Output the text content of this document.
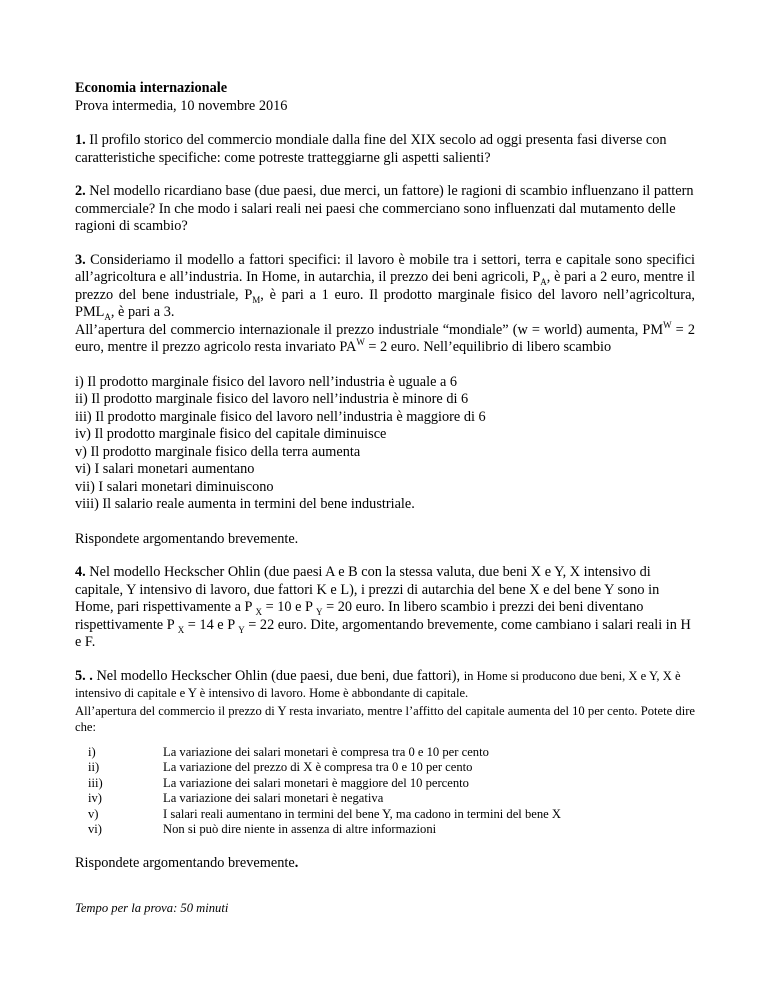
Economia internazionale

Prova intermedia, 10 novembre 2016

1. Il profilo storico del commercio mondiale dalla fine del XIX secolo ad oggi presenta fasi diverse con caratteristiche specifiche: come potreste tratteggiarne gli aspetti salienti?

2. Nel modello ricardiano base (due paesi, due merci, un fattore) le ragioni di scambio influenzano il pattern commerciale? In che modo i salari reali nei paesi che commerciano sono influenzati dal mutamento delle ragioni di scambio?

3. Consideriamo il modello a fattori specifici: il lavoro è mobile tra i settori, terra e capitale sono specifici all’agricoltura e all’industria. In Home, in autarchia, il prezzo dei beni agricoli, $P_A$, è pari a 2 euro, mentre il prezzo del bene industriale, $P_M$, è pari a 1 euro. Il prodotto marginale fisico del lavoro nell’agricoltura, $PML_A$, è pari a 3.

All’apertura del commercio internazionale il prezzo industriale “mondiale” (w = world) aumenta, $PM^W = 2$ euro, mentre il prezzo agricolo resta invariato $PA^W = 2$ euro. Nell’equilibrio di libero scambio

i) Il prodotto marginale fisico del lavoro nell’industria è uguale a 6
ii) Il prodotto marginale fisico del lavoro nell’industria è minore di 6
iii) Il prodotto marginale fisico del lavoro nell’industria è maggiore di 6
iv) Il prodotto marginale fisico del capitale diminuisce
v) Il prodotto marginale fisico della terra aumenta
vi) I salari monetari aumentano
vii) I salari monetari diminuiscono
viii) Il salario reale aumenta in termini del bene industriale.

Rispondete argomentando brevemente.

4. Nel modello Heckscher Ohlin (due paesi A e B con la stessa valuta, due beni X e Y, X intensivo di capitale, Y intensivo di lavoro, due fattori K e L), i prezzi di autarchia del bene X e del bene Y sono in Home, pari rispettivamente a P $_X$ = 10 e P $_Y$ = 20 euro. In libero scambio i prezzi dei beni diventano rispettivamente P $_X$ = 14 e P $_Y$ = 22 euro. Dite, argomentando brevemente, come cambiano i salari reali in H e F.

5. . Nel modello Heckscher Ohlin (due paesi, due beni, due fattori), in Home si producono due beni, X e Y, X è intensivo di capitale e Y è intensivo di lavoro. Home è abbondante di capitale.

All’apertura del commercio il prezzo di Y resta invariato, mentre l’affitto del capitale aumenta del 10 per cento. Potete dire che:

i)	La variazione dei salari monetari è compresa tra 0 e 10 per cento
ii)	La variazione del prezzo di X è compresa tra 0 e 10 per cento
iii)	La variazione dei salari monetari è maggiore del 10 percento
iv)	La variazione dei salari monetari è negativa
v)	I salari reali aumentano in termini del bene Y, ma cadono in termini del bene X
vi)	Non si può dire niente in assenza di altre informazioni

Rispondete argomentando brevemente.

Tempo per la prova: 50 minuti
